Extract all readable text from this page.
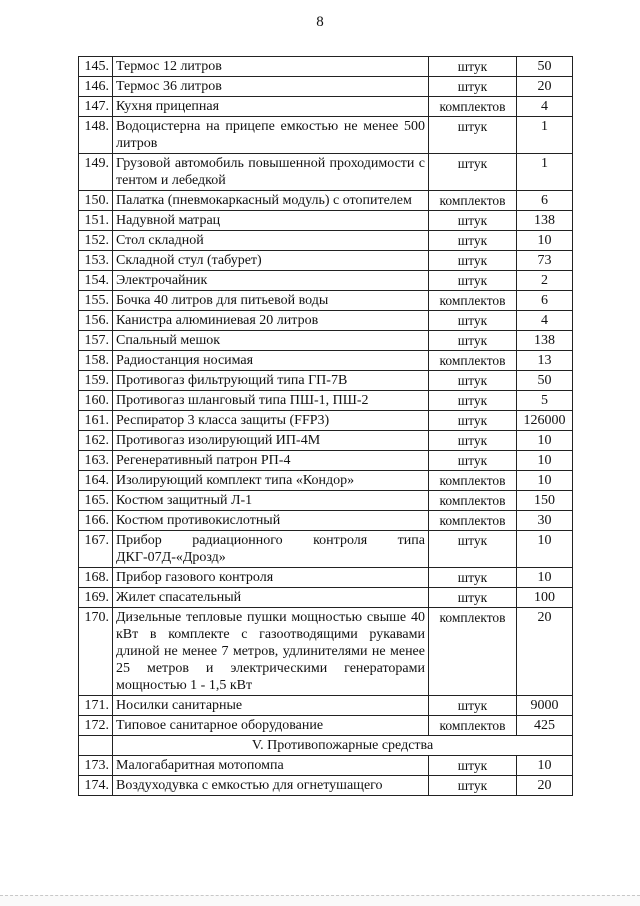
8
145.	Термос 12 литров	штук	50
146.	Термос 36 литров	штук	20
147.	Кухня прицепная	комплектов	4
148.	Водоцистерна на прицепе емкостью не менее 500 литров	штук	1
149.	Грузовой автомобиль повышенной проходимости с тентом и лебедкой	штук	1
150.	Палатка (пневмокаркасный модуль) с отопителем	комплектов	6
151.	Надувной матрац	штук	138
152.	Стол складной	штук	10
153.	Складной стул (табурет)	штук	73
154.	Электрочайник	штук	2
155.	Бочка 40 литров для питьевой воды	комплектов	6
156.	Канистра алюминиевая 20 литров	штук	4
157.	Спальный мешок	штук	138
158.	Радиостанция носимая	комплектов	13
159.	Противогаз фильтрующий типа ГП-7В	штук	50
160.	Противогаз шланговый типа ПШ-1, ПШ-2	штук	5
161.	Респиратор 3 класса защиты (FFP3)	штук	126000
162.	Противогаз изолирующий ИП-4М	штук	10
163.	Регенеративный патрон РП-4	штук	10
164.	Изолирующий комплект типа «Кондор»	комплектов	10
165.	Костюм защитный Л-1	комплектов	150
166.	Костюм противокислотный	комплектов	30
167.	Прибор радиационного контроля типа ДКГ-07Д-«Дрозд»	штук	10
168.	Прибор газового контроля	штук	10
169.	Жилет спасательный	штук	100
170.	Дизельные тепловые пушки мощностью свыше 40 кВт в комплекте с газоотводящими рукавами длиной не менее 7 метров, удлинителями не менее 25 метров и электрическими генераторами мощностью 1 - 1,5 кВт	комплектов	20
171.	Носилки санитарные	штук	9000
172.	Типовое санитарное оборудование	комплектов	425
	V. Противопожарные средства		
173.	Малогабаритная мотопомпа	штук	10
174.	Воздуходувка с емкостью для огнетушащего	штук	20
